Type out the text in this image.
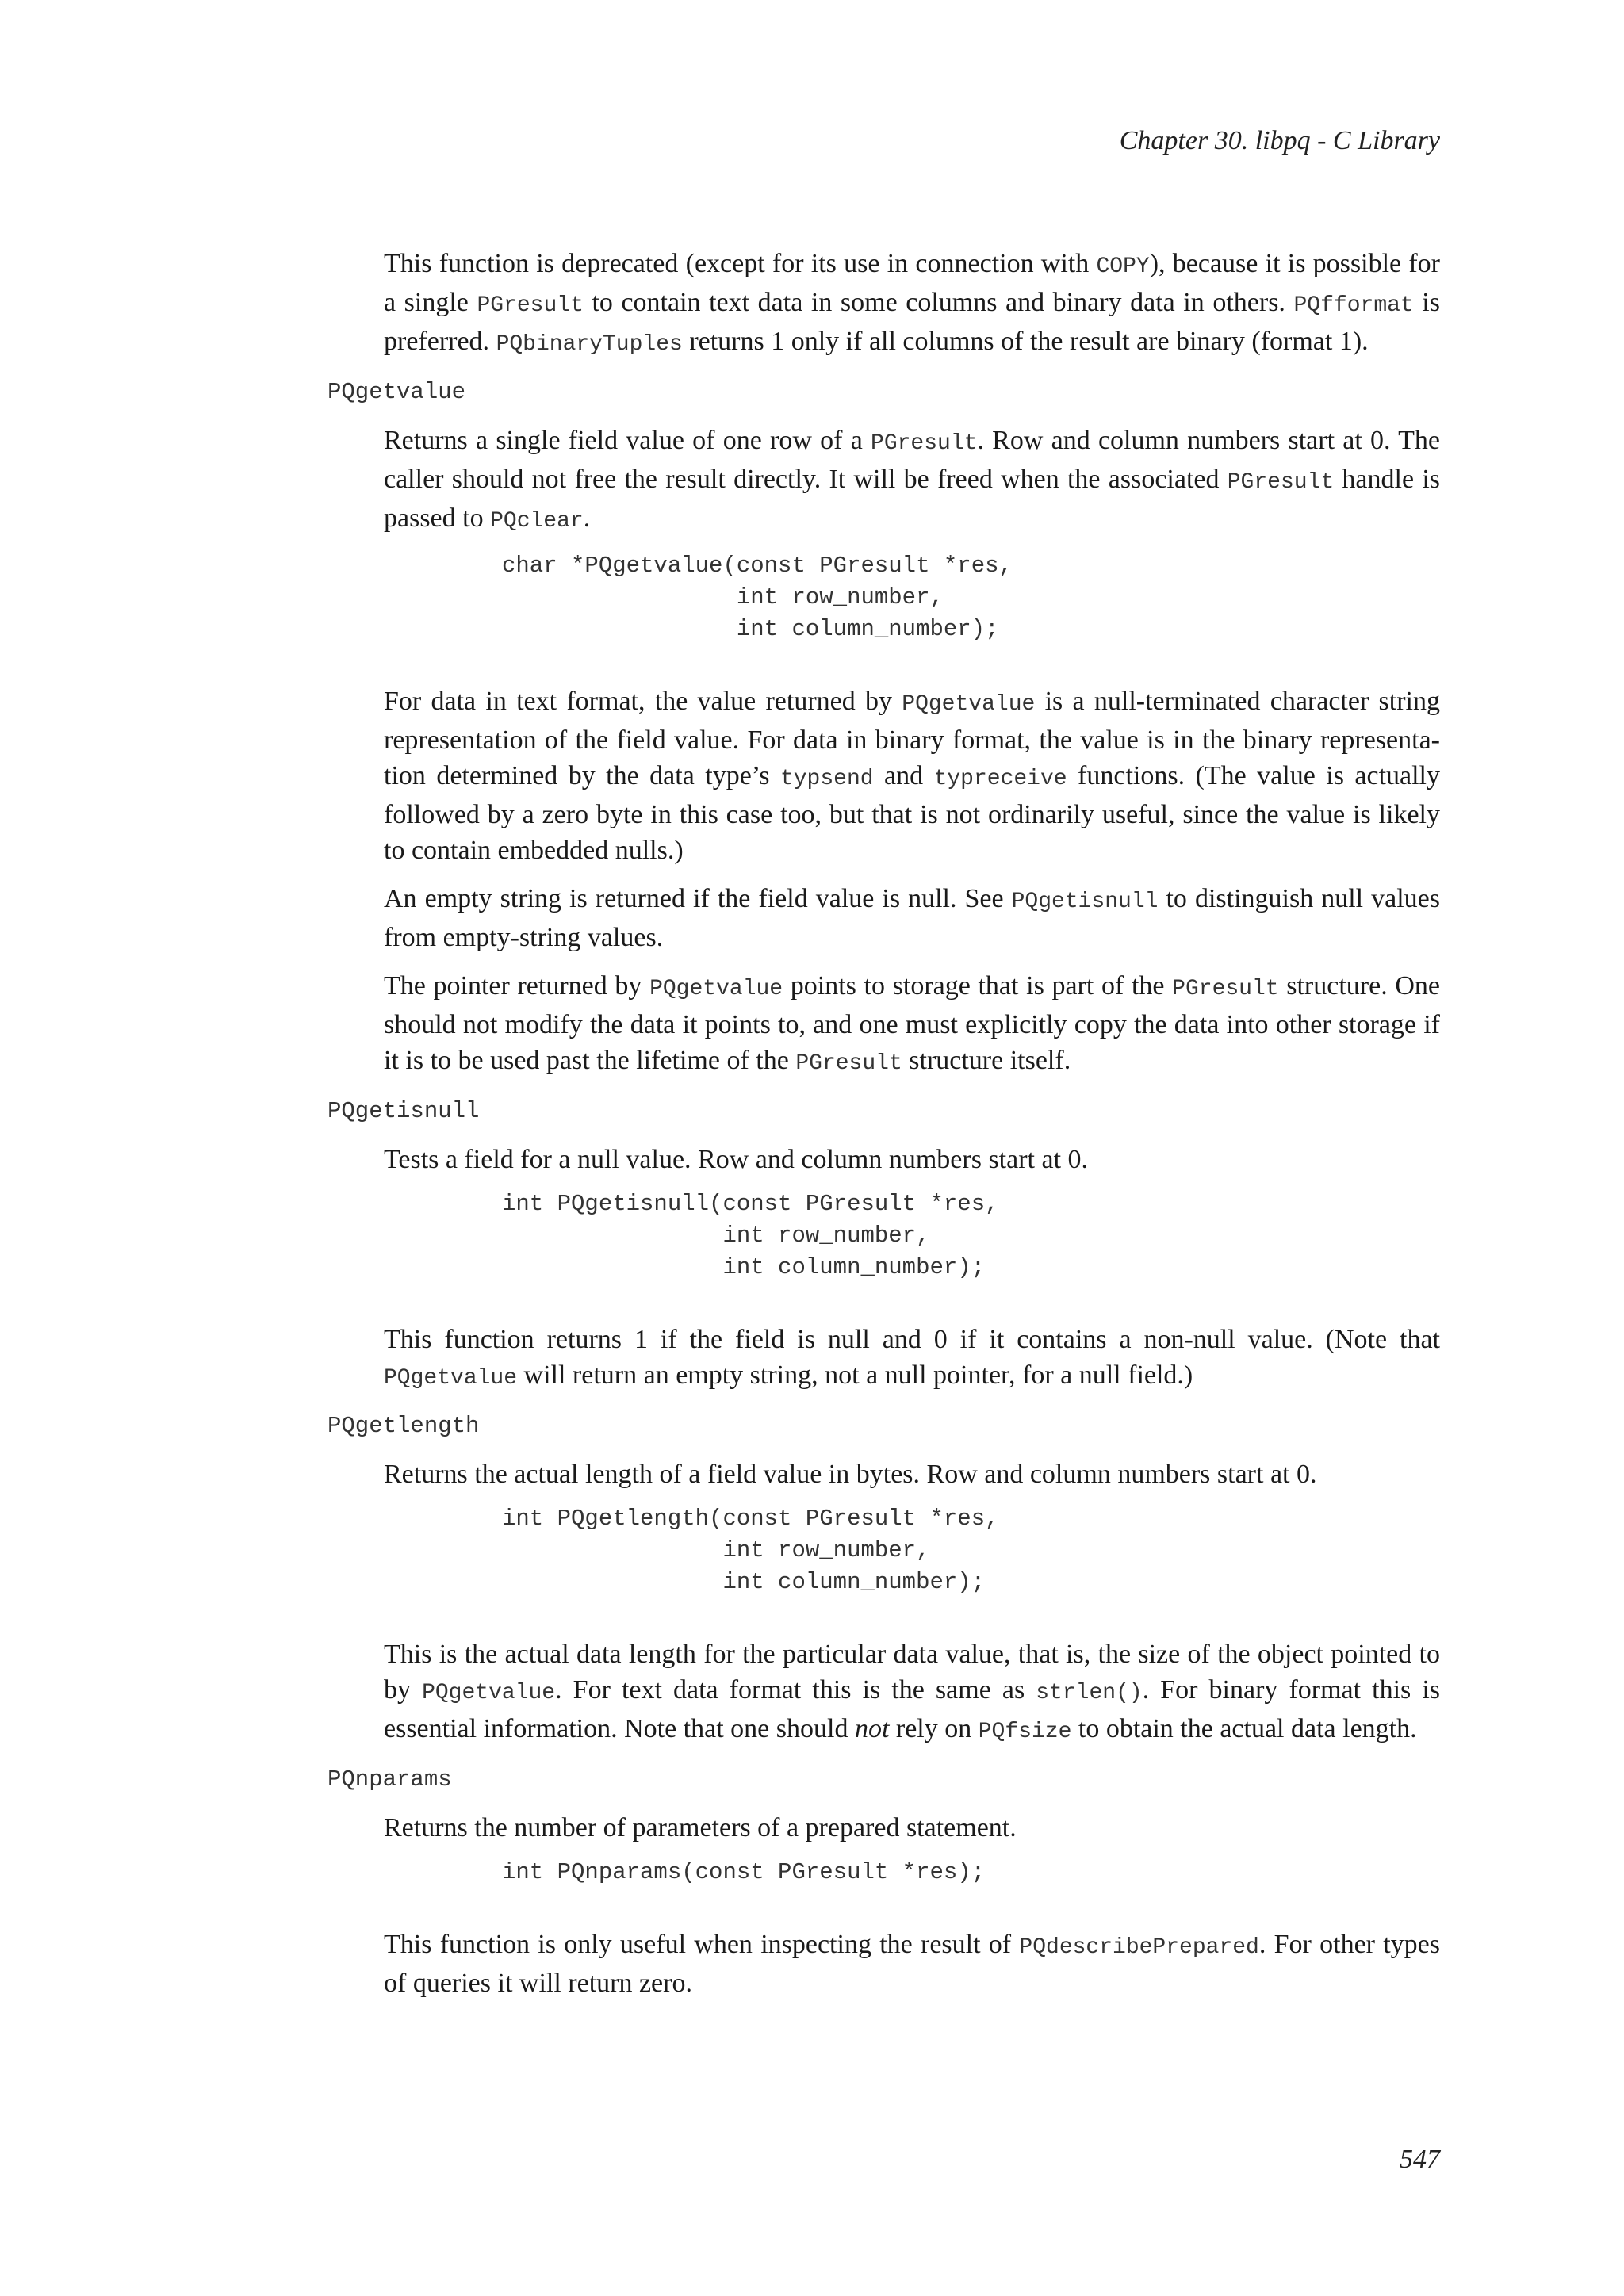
Chapter 30. libpq - C Library

This function is deprecated (except for its use in connection with COPY), because it is possible for a single PGresult to contain text data in some columns and binary data in others. PQfformat is preferred. PQbinaryTuples returns 1 only if all columns of the result are binary (format 1).

PQgetvalue

Returns a single field value of one row of a PGresult. Row and column numbers start at 0. The caller should not free the result directly. It will be freed when the associated PGresult handle is passed to PQclear.

char *PQgetvalue(const PGresult *res,
int row_number,
int column_number);

For data in text format, the value returned by PQgetvalue is a null-terminated character string representation of the field value. For data in binary format, the value is in the binary representation determined by the data type’s typsend and typreceive functions. (The value is actually followed by a zero byte in this case too, but that is not ordinarily useful, since the value is likely to contain embedded nulls.)

An empty string is returned if the field value is null. See PQgetisnull to distinguish null values from empty-string values.

The pointer returned by PQgetvalue points to storage that is part of the PGresult structure. One should not modify the data it points to, and one must explicitly copy the data into other storage if it is to be used past the lifetime of the PGresult structure itself.

PQgetisnull

Tests a field for a null value. Row and column numbers start at 0.

int PQgetisnull(const PGresult *res,
int row_number,
int column_number);

This function returns 1 if the field is null and 0 if it contains a non-null value. (Note that PQgetvalue will return an empty string, not a null pointer, for a null field.)

PQgetlength

Returns the actual length of a field value in bytes. Row and column numbers start at 0.

int PQgetlength(const PGresult *res,
int row_number,
int column_number);

This is the actual data length for the particular data value, that is, the size of the object pointed to by PQgetvalue. For text data format this is the same as strlen(). For binary format this is essential information. Note that one should not rely on PQfsize to obtain the actual data length.

PQnparams

Returns the number of parameters of a prepared statement.

int PQnparams(const PGresult *res);

This function is only useful when inspecting the result of PQdescribePrepared. For other types of queries it will return zero.

547
